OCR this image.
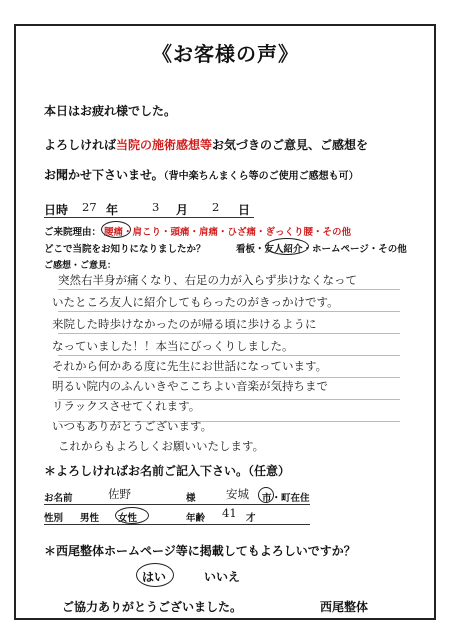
《お客様の声》
本日はお疲れ様でした。
よろしければ当院の施術感想等お気づきのご意見、ご感想を
お聞かせ下さいませ。（背中楽ちんまくら等のご使用ご感想も可）
日時 27 年	3 月 2 日
ご来院理由： 腰痛・肩こり・頭痛・肩痛・ひざ痛・ぎっくり腰・その他
どこで当院をお知りになりましたか？	看板・友人紹介・ホームページ・その他
ご感想・ご意見：
突然右半身が痛くなり、右足の力が入らず歩けなくなって
いたところ友人に紹介してもらったのがきっかけです。
来院した時歩けなかったのが帰る頃に歩けるように
なっていました！！本当にびっくりしました。
それから何かある度に先生にお世話になっています。
明るい院内のふんいきやここちよい音楽が気持ちまで
リラックスさせてくれます。
いつもありがとうございます。
これからもよろしくお願いいたします。
＊よろしければお名前ご記入下さい。（任意）
お名前	佐野	様	安城 市・町在住
性別 男性 女性	年齢 41 才
＊西尾整体ホームページ等に掲載してもよろしいですか？
はい	いいえ
ご協力ありがとうございました。	西尾整体
